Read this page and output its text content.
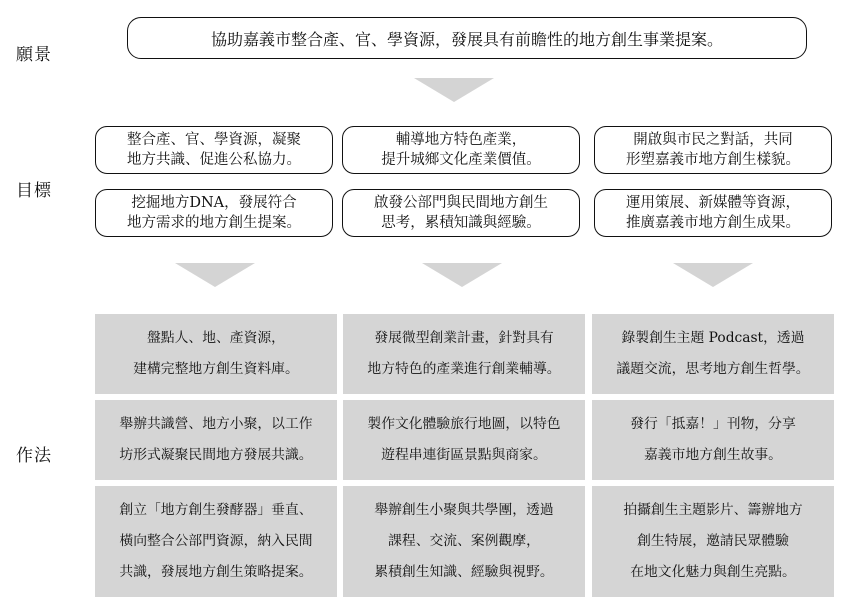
願景
目標
作法
協助嘉義市整合產、官、學資源，發展具有前瞻性的地方創生事業提案。
整合產、官、學資源，凝聚
地方共識、促進公私協力。
輔導地方特色產業，
提升城鄉文化產業價值。
開啟與市民之對話，共同
形塑嘉義市地方創生樣貌。
挖掘地方DNA，發展符合
地方需求的地方創生提案。
啟發公部門與民間地方創生
思考，累積知識與經驗。
運用策展、新媒體等資源，
推廣嘉義市地方創生成果。
盤點人、地、產資源，
建構完整地方創生資料庫。
發展微型創業計畫，針對具有
地方特色的產業進行創業輔導。
錄製創生主題 Podcast，透過
議題交流，思考地方創生哲學。
舉辦共識營、地方小聚，以工作
坊形式凝聚民間地方發展共識。
製作文化體驗旅行地圖，以特色
遊程串連街區景點與商家。
發行「抵嘉！」刊物，分享
嘉義市地方創生故事。
創立「地方創生發酵器」垂直、
橫向整合公部門資源，納入民間
共識，發展地方創生策略提案。
舉辦創生小聚與共學團，透過
課程、交流、案例觀摩，
累積創生知識、經驗與視野。
拍攝創生主題影片、籌辦地方
創生特展，邀請民眾體驗
在地文化魅力與創生亮點。
